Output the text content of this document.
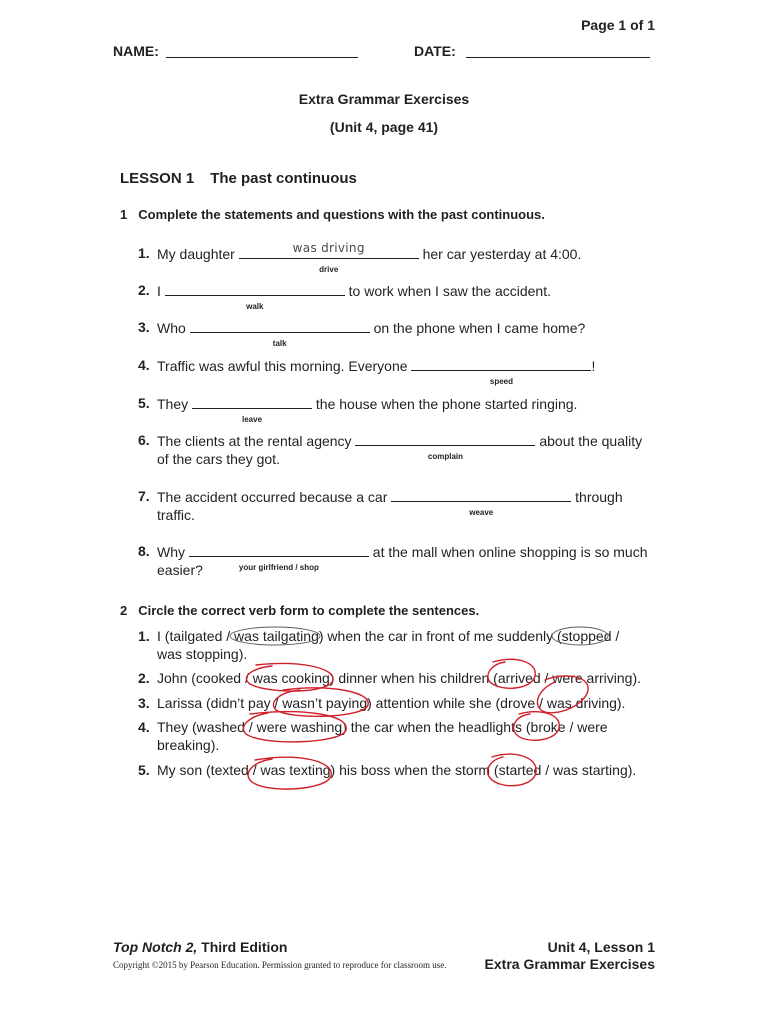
Page 1 of 1
NAME:	DATE:
Extra Grammar Exercises
(Unit 4, page 41)
LESSON 1 The past continuous
1 Complete the statements and questions with the past continuous.
1. My daughter	was driving
drive
her car yesterday at 4:00.
2. I
walk
to work when I saw the accident.
3. Who
talk
on the phone when I came home?
4. Traffic was awful this morning. Everyone
speed
!
5. They
leave
the house when the phone started ringing.
6. The clients at the rental agency
complain
about the quality
of the cars they got.
7. The accident occurred because a car
weave
through
traffic.
8. Why
your girlfriend / shop
at the mall when online shopping is so much
easier?
2 Circle the correct verb form to complete the sentences.
1. I (tailgated / was tailgating) when the car in front of me suddenly (stopped /
was stopping).
2. John (cooked / was cooking) dinner when his children (arrived / were arriving).
3. Larissa (didn’t pay / wasn’t paying) attention while she (drove / was driving).
4. They (washed / were washing) the car when the headlights (broke / were
breaking).
5. My son (texted / was texting) his boss when the storm (started / was starting).
Top Notch 2, Third Edition
Copyright ©2015 by Pearson Education. Permission granted to reproduce for classroom use.
Unit 4, Lesson 1
Extra Grammar Exercises
